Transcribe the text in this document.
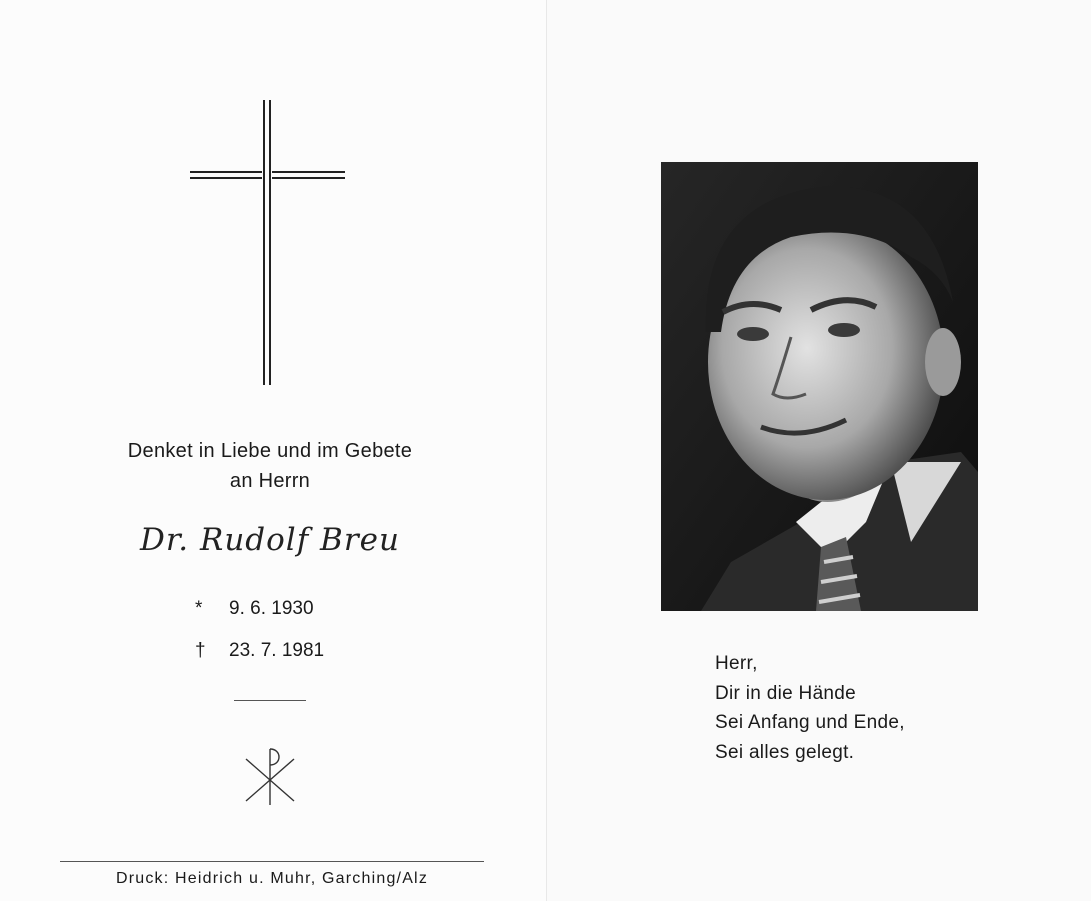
Denket in Liebe und im Gebete
an Herrn
Dr. Rudolf Breu
* 9. 6. 1930
† 23. 7. 1981
Druck: Heidrich u. Muhr, Garching/Alz
Herr,
Dir in die Hände
Sei Anfang und Ende,
Sei alles gelegt.
